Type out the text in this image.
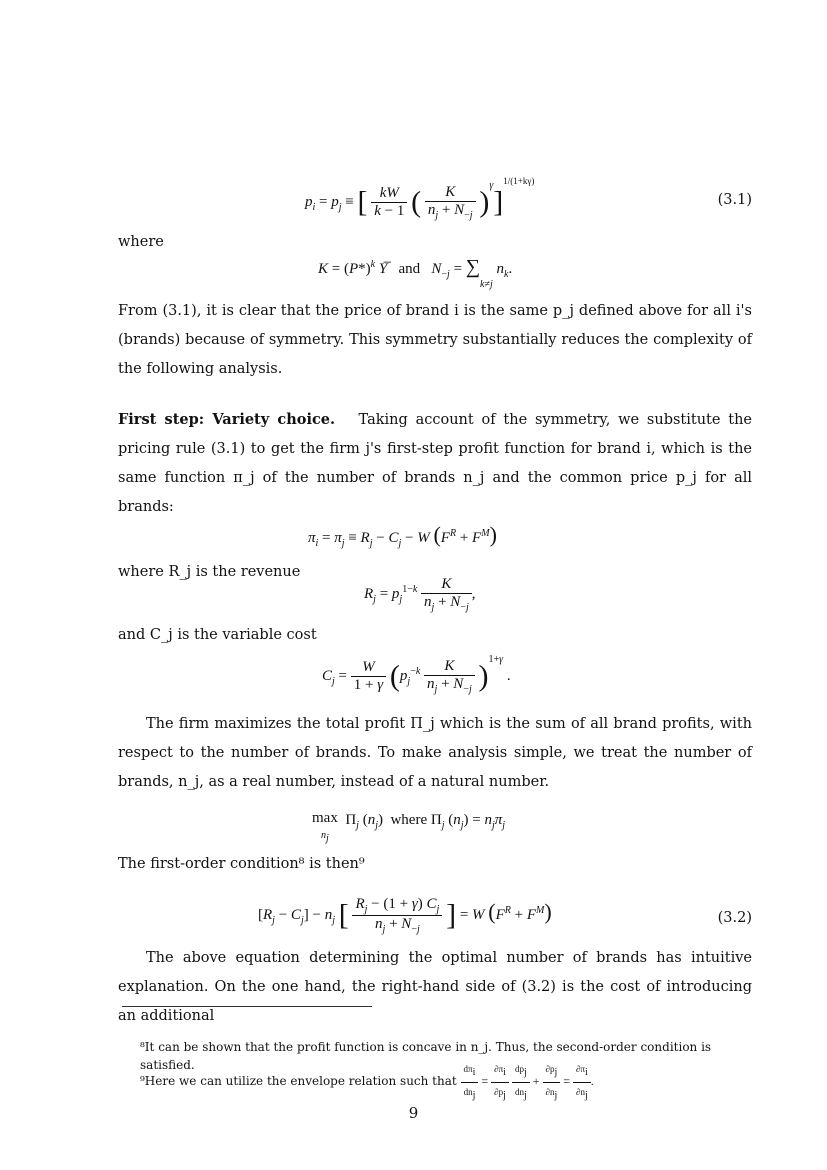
$p_i = p_j$ ≡ [ $\frac{kW}{k - 1}$ ( $\frac{K}{n_j + N_{-j}} )^\gamma]^{1/(1+k\gamma)}$
(3.1)
where
$K = (P*)^k$ Y̅   and   $N_{-j} = \sum_{k\ne j}$ $n_k$.

From (3.1), it is clear that the price of brand i is the same p_j defined above for all i's (brands) because of symmetry. This symmetry substantially reduces the complexity of the following analysis.

First step: Variety choice. Taking account of the symmetry, we substitute the pricing rule (3.1) to get the firm j's first-step profit function for brand i, which is the same function π_j of the number of brands n_j and the common price p_j for all brands:

$\pi_i = \pi_j \equiv R_j - C_j - W$ $(F^R + F^M)$
where R_j is the revenue
$R_j = p_j^{1-k} \frac{K}{n_j + N_{-j}}$ ,
and C_j is the variable cost
$C_j = \frac{W}{1 + \gamma} (p_j^{-k} \frac{K}{n_j + N_{-j}} )^{1+\gamma}$ .

The firm maximizes the total profit Π_j which is the sum of all brand profits, with respect to the number of brands. To make analysis simple, we treat the number of brands, n_j, as a real number, instead of a natural number.

max
$_{n_j}$  $\Pi_j$ $(n_j)$  where $\Pi_j$ $(n_j) = n_j\pi_j$
The first-order condition⁸ is then⁹
$[R_j - C_j] - n_j$ [ $\frac{R_j - (1 + \gamma) C_j}{n_j + N_{-j}}$ ] = W $(F^R + F^M)$	(3.2)

The above equation determining the optimal number of brands has intuitive explanation. On the one hand, the right-hand side of (3.2) is the cost of introducing an additional

⁸It can be shown that the profit function is concave in n_j. Thus, the second-order condition is satisfied.
⁹Here we can utilize the envelope relation such that $\frac{d\pi_i}{dn_j} = \frac{\partial\pi_i}{\partial p_j}$
$\frac{dp_j}{dn_j} + \frac{\partial p_j}{\partial n_j} = \frac{\partial\pi_i}{\partial n_j}$ .
9
